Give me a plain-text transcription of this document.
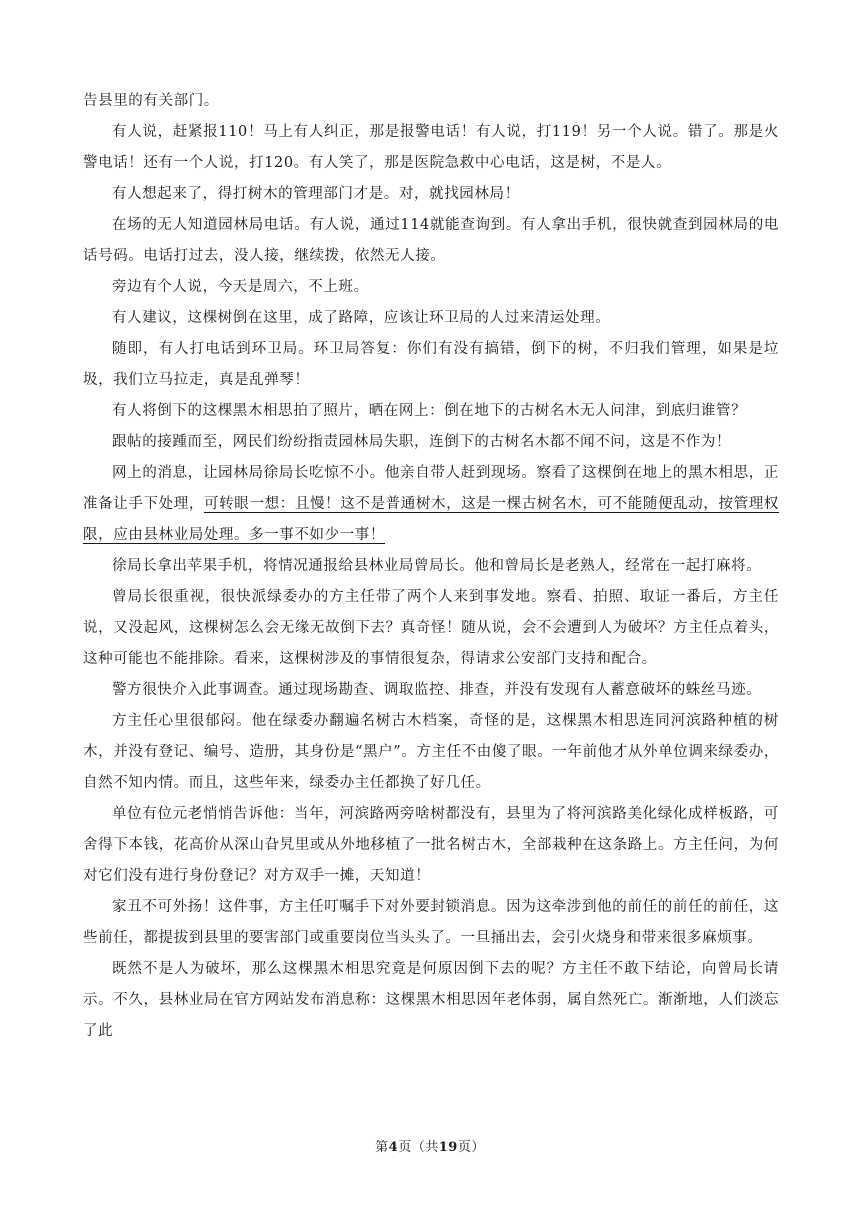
告县里的有关部门。

有人说，赶紧报110！马上有人纠正，那是报警电话！有人说，打119！另一个人说。错了。那是火警电话！还有一个人说，打120。有人笑了，那是医院急救中心电话，这是树，不是人。

有人想起来了，得打树木的管理部门才是。对，就找园林局！

在场的无人知道园林局电话。有人说，通过114就能查询到。有人拿出手机，很快就查到园林局的电话号码。电话打过去，没人接，继续拨，依然无人接。

旁边有个人说，今天是周六，不上班。

有人建议，这棵树倒在这里，成了路障，应该让环卫局的人过来清运处理。

随即，有人打电话到环卫局。环卫局答复：你们有没有搞错，倒下的树，不归我们管理，如果是垃圾，我们立马拉走，真是乱弹琴！

有人将倒下的这棵黑木相思拍了照片，晒在网上：倒在地下的古树名木无人问津，到底归谁管？

跟帖的接踵而至，网民们纷纷指责园林局失职，连倒下的古树名木都不闻不问，这是不作为！

网上的消息，让园林局徐局长吃惊不小。他亲自带人赶到现场。察看了这棵倒在地上的黑木相思，正准备让手下处理，可转眼一想：且慢！这不是普通树木，这是一棵古树名木，可不能随便乱动，按管理权限，应由县林业局处理。多一事不如少一事！

徐局长拿出苹果手机，将情况通报给县林业局曾局长。他和曾局长是老熟人，经常在一起打麻将。

曾局长很重视，很快派绿委办的方主任带了两个人来到事发地。察看、拍照、取证一番后，方主任说，又没起风，这棵树怎么会无缘无故倒下去？真奇怪！随从说，会不会遭到人为破坏？方主任点着头，这种可能也不能排除。看来，这棵树涉及的事情很复杂，得请求公安部门支持和配合。

警方很快介入此事调查。通过现场勘查、调取监控、排查，并没有发现有人蓄意破坏的蛛丝马迹。

方主任心里很郁闷。他在绿委办翻遍名树古木档案，奇怪的是，这棵黑木相思连同河滨路种植的树木，并没有登记、编号、造册，其身份是“黑户”。方主任不由傻了眼。一年前他才从外单位调来绿委办，自然不知内情。而且，这些年来，绿委办主任都换了好几任。

单位有位元老悄悄告诉他：当年，河滨路两旁啥树都没有，县里为了将河滨路美化绿化成样板路，可舍得下本钱，花高价从深山旮旯里或从外地移植了一批名树古木，全部栽种在这条路上。方主任问，为何对它们没有进行身份登记？对方双手一摊，天知道！

家丑不可外扬！这件事，方主任叮嘱手下对外要封锁消息。因为这牵涉到他的前任的前任的前任，这些前任，都提拔到县里的要害部门或重要岗位当头头了。一旦捅出去，会引火烧身和带来很多麻烦事。

既然不是人为破坏，那么这棵黑木相思究竟是何原因倒下去的呢？方主任不敢下结论，向曾局长请示。不久，县林业局在官方网站发布消息称：这棵黑木相思因年老体弱，属自然死亡。渐渐地，人们淡忘了此

第4页（共19页）
